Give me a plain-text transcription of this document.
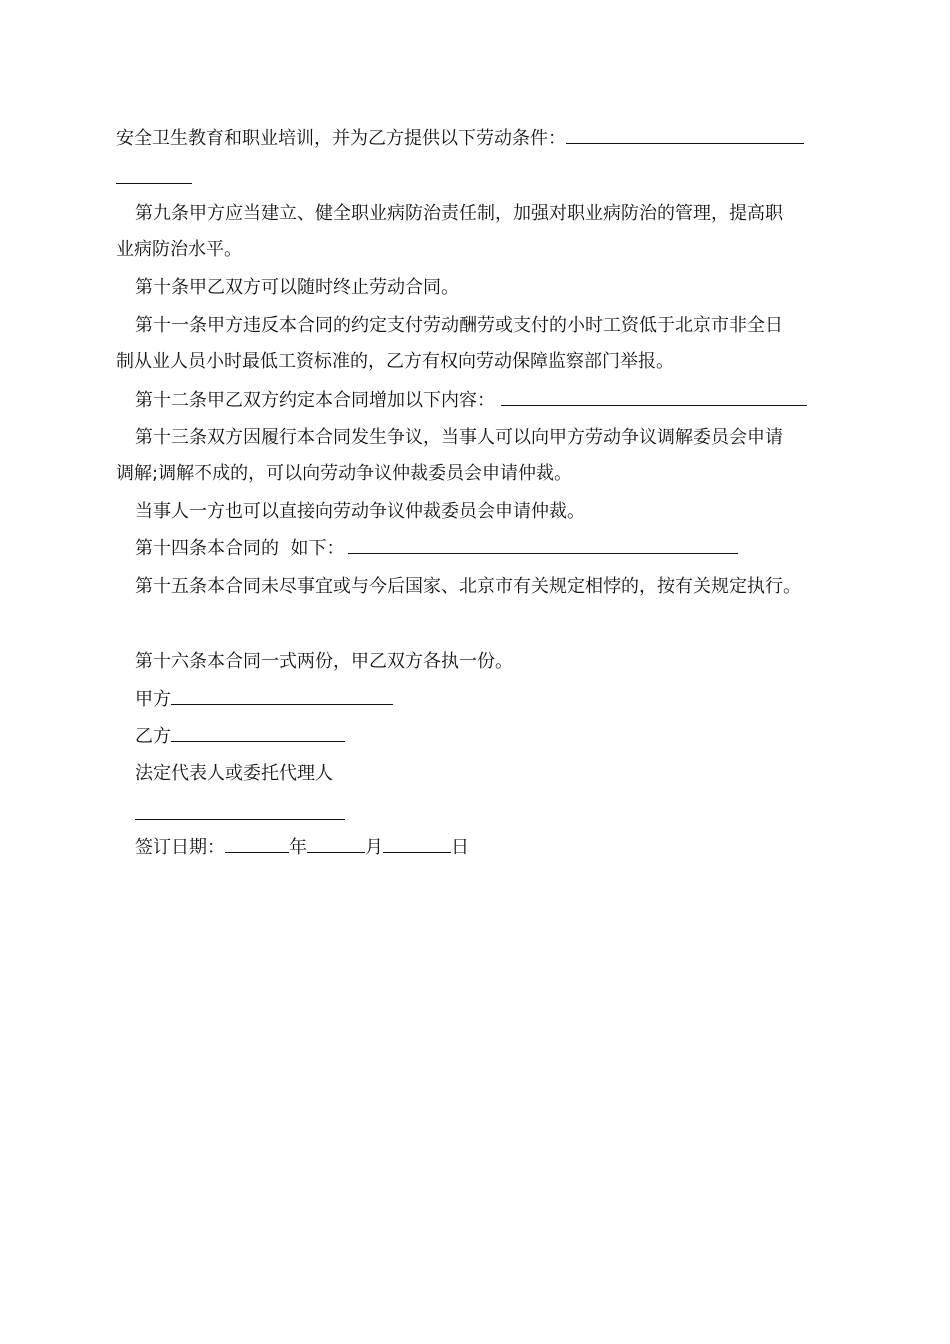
安全卫生教育和职业培训，并为乙方提供以下劳动条件：
第九条甲方应当建立、健全职业病防治责任制，加强对职业病防治的管理，提高职
业病防治水平。
第十条甲乙双方可以随时终止劳动合同。
第十一条甲方违反本合同的约定支付劳动酬劳或支付的小时工资低于北京市非全日
制从业人员小时最低工资标准的，乙方有权向劳动保障监察部门举报。
第十二条甲乙双方约定本合同增加以下内容：
第十三条双方因履行本合同发生争议，当事人可以向甲方劳动争议调解委员会申请
调解;调解不成的，可以向劳动争议仲裁委员会申请仲裁。
当事人一方也可以直接向劳动争议仲裁委员会申请仲裁。
第十四条本合同的  如下：
第十五条本合同未尽事宜或与今后国家、北京市有关规定相悖的，按有关规定执行。
第十六条本合同一式两份，甲乙双方各执一份。
甲方
乙方
法定代表人或委托代理人
签订日期：	年	月	日
